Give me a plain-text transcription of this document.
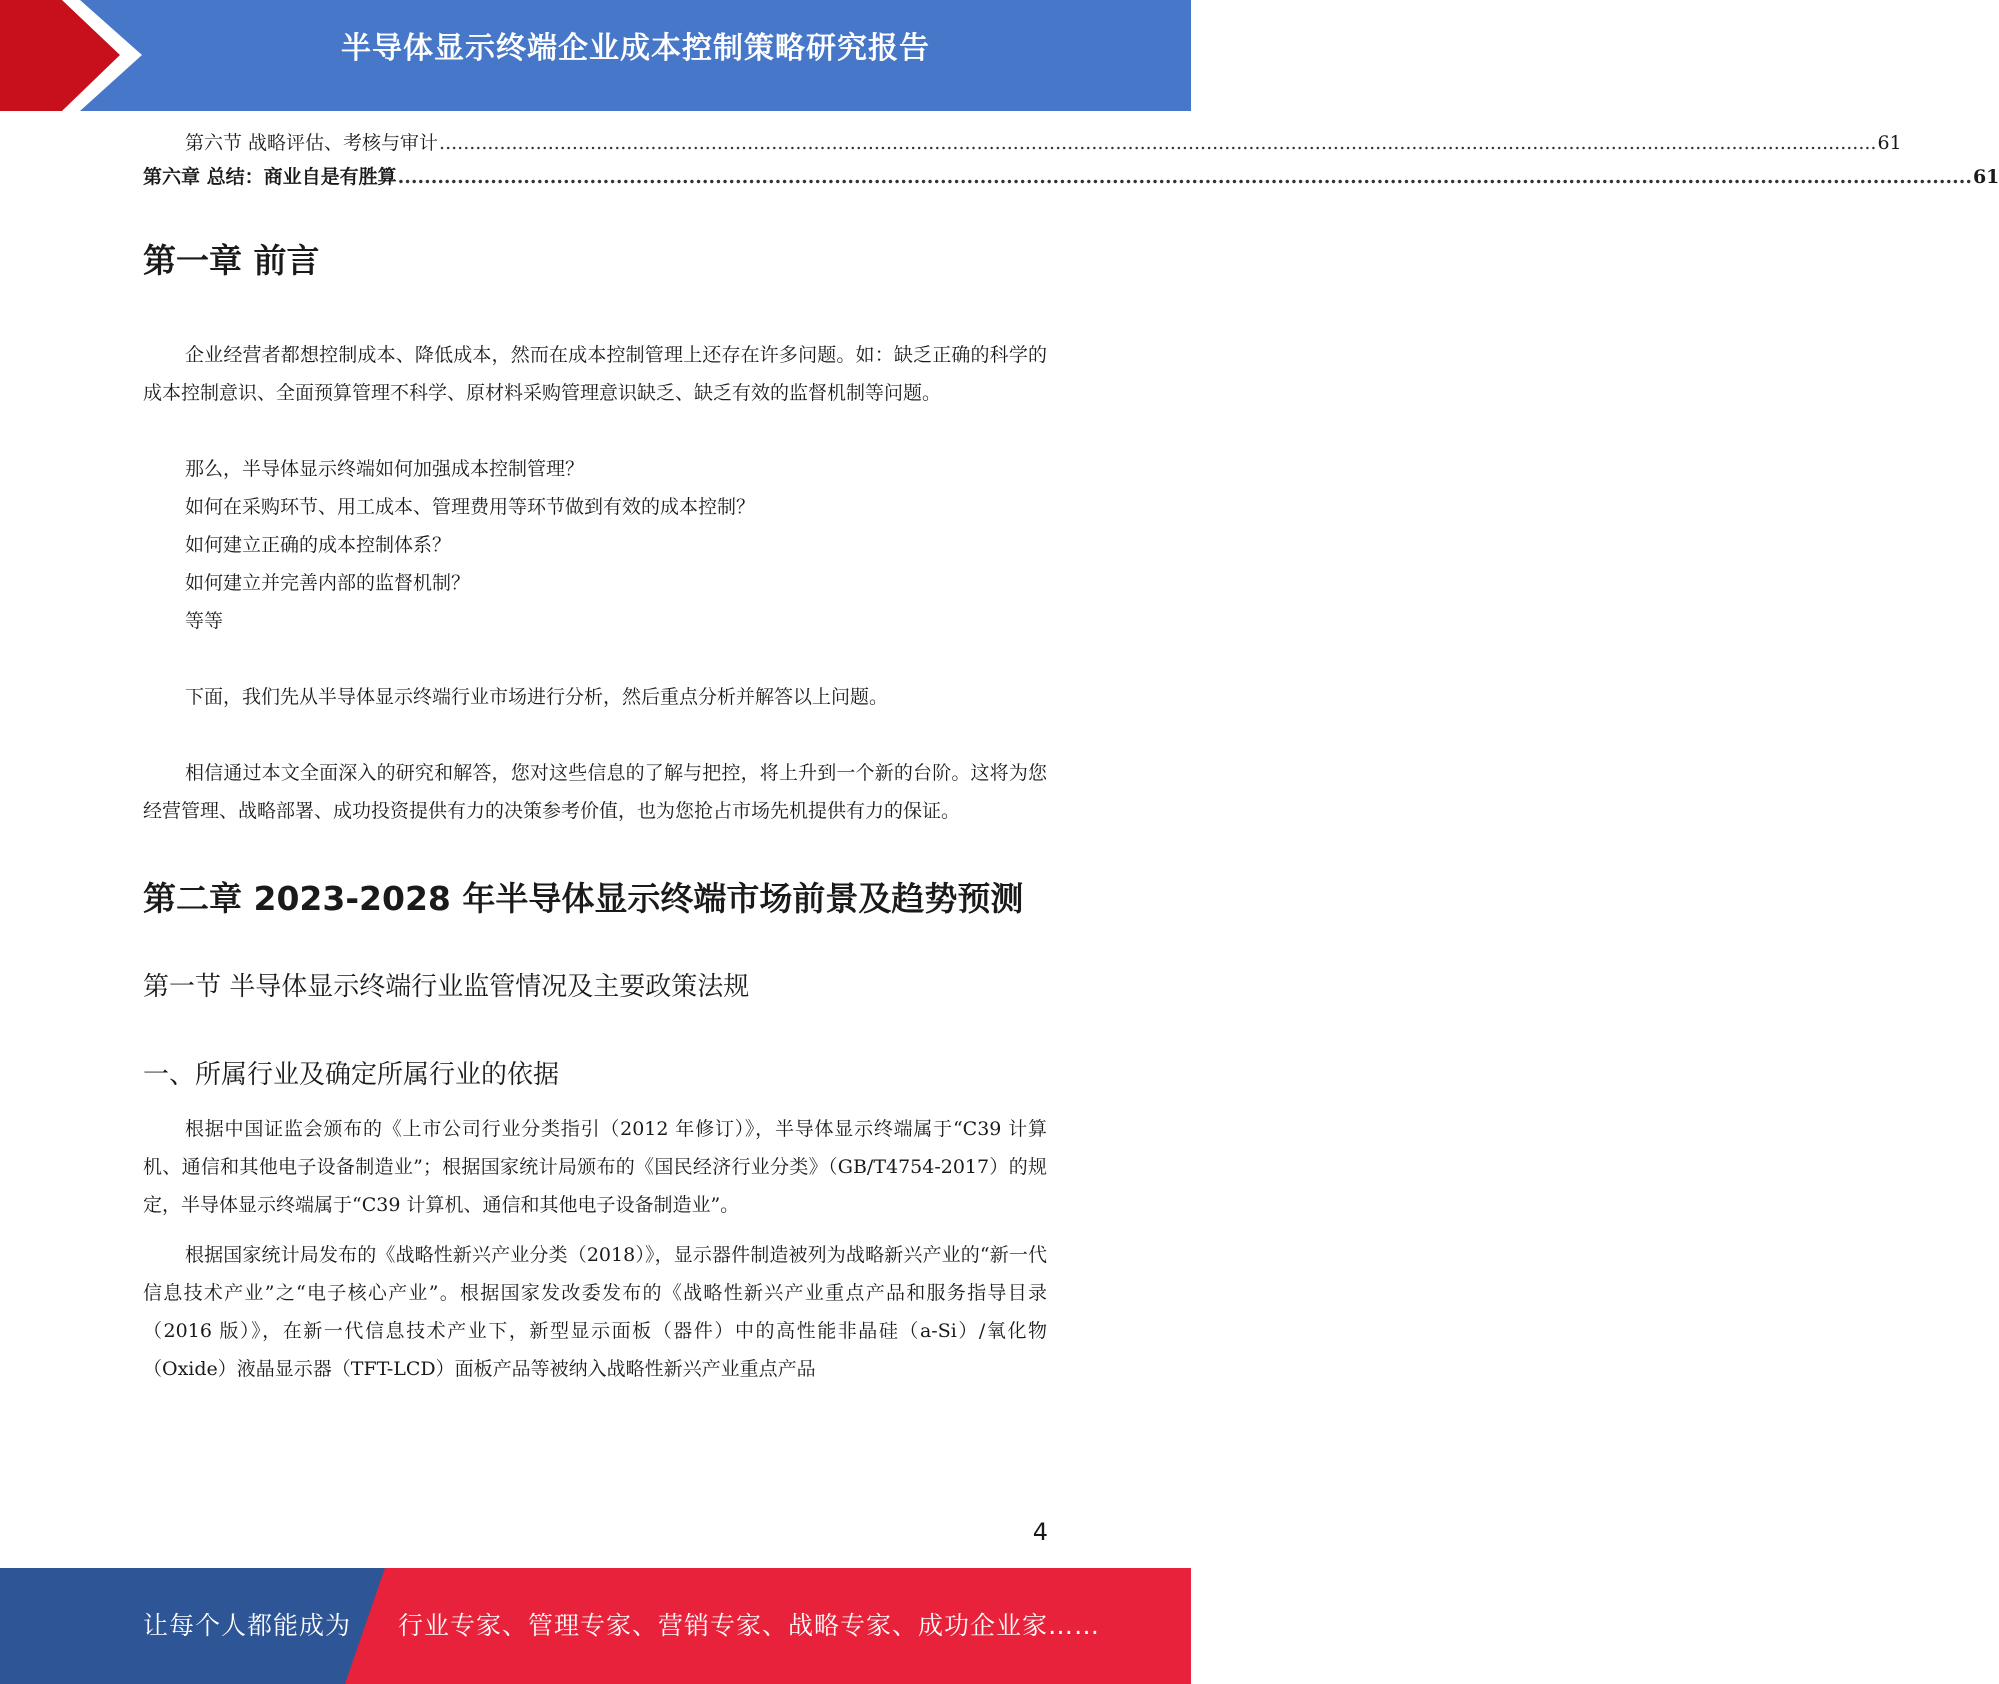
半导体显示终端企业成本控制策略研究报告
第六节 战略评估、考核与审计 .............................................................................................................................................................................................................................................. 61
第六章 总结：商业自是有胜算 .............................................................................................................................................................................................................................................. 61
第一章 前言

企业经营者都想控制成本、降低成本，然而在成本控制管理上还存在许多问题。如：缺乏正确的科学的成本控制意识、全面预算管理不科学、原材料采购管理意识缺乏、缺乏有效的监督机制等问题。

那么，半导体显示终端如何加强成本控制管理？

如何在采购环节、用工成本、管理费用等环节做到有效的成本控制？

如何建立正确的成本控制体系？

如何建立并完善内部的监督机制？

等等

下面，我们先从半导体显示终端行业市场进行分析，然后重点分析并解答以上问题。

相信通过本文全面深入的研究和解答，您对这些信息的了解与把控，将上升到一个新的台阶。这将为您经营管理、战略部署、成功投资提供有力的决策参考价值，也为您抢占市场先机提供有力的保证。

第二章 2023-2028 年半导体显示终端市场前景及趋势预测
第一节 半导体显示终端行业监管情况及主要政策法规
一、所属行业及确定所属行业的依据

根据中国证监会颁布的《上市公司行业分类指引（2012 年修订）》，半导体显示终端属于“C39 计算机、通信和其他电子设备制造业”；根据国家统计局颁布的《国民经济行业分类》（GB/T4754-2017）的规定，半导体显示终端属于“C39 计算机、通信和其他电子设备制造业”。

根据国家统计局发布的《战略性新兴产业分类（2018）》，显示器件制造被列为战略新兴产业的“新一代信息技术产业”之“电子核心产业”。根据国家发改委发布的《战略性新兴产业重点产品和服务指导目录（2016 版）》，在新一代信息技术产业下，新型显示面板（器件）中的高性能非晶硅（a-Si）/氧化物（Oxide）液晶显示器（TFT-LCD）面板产品等被纳入战略性新兴产业重点产品

4
让每个人都能成为 行业专家、管理专家、营销专家、战略专家、成功企业家……
